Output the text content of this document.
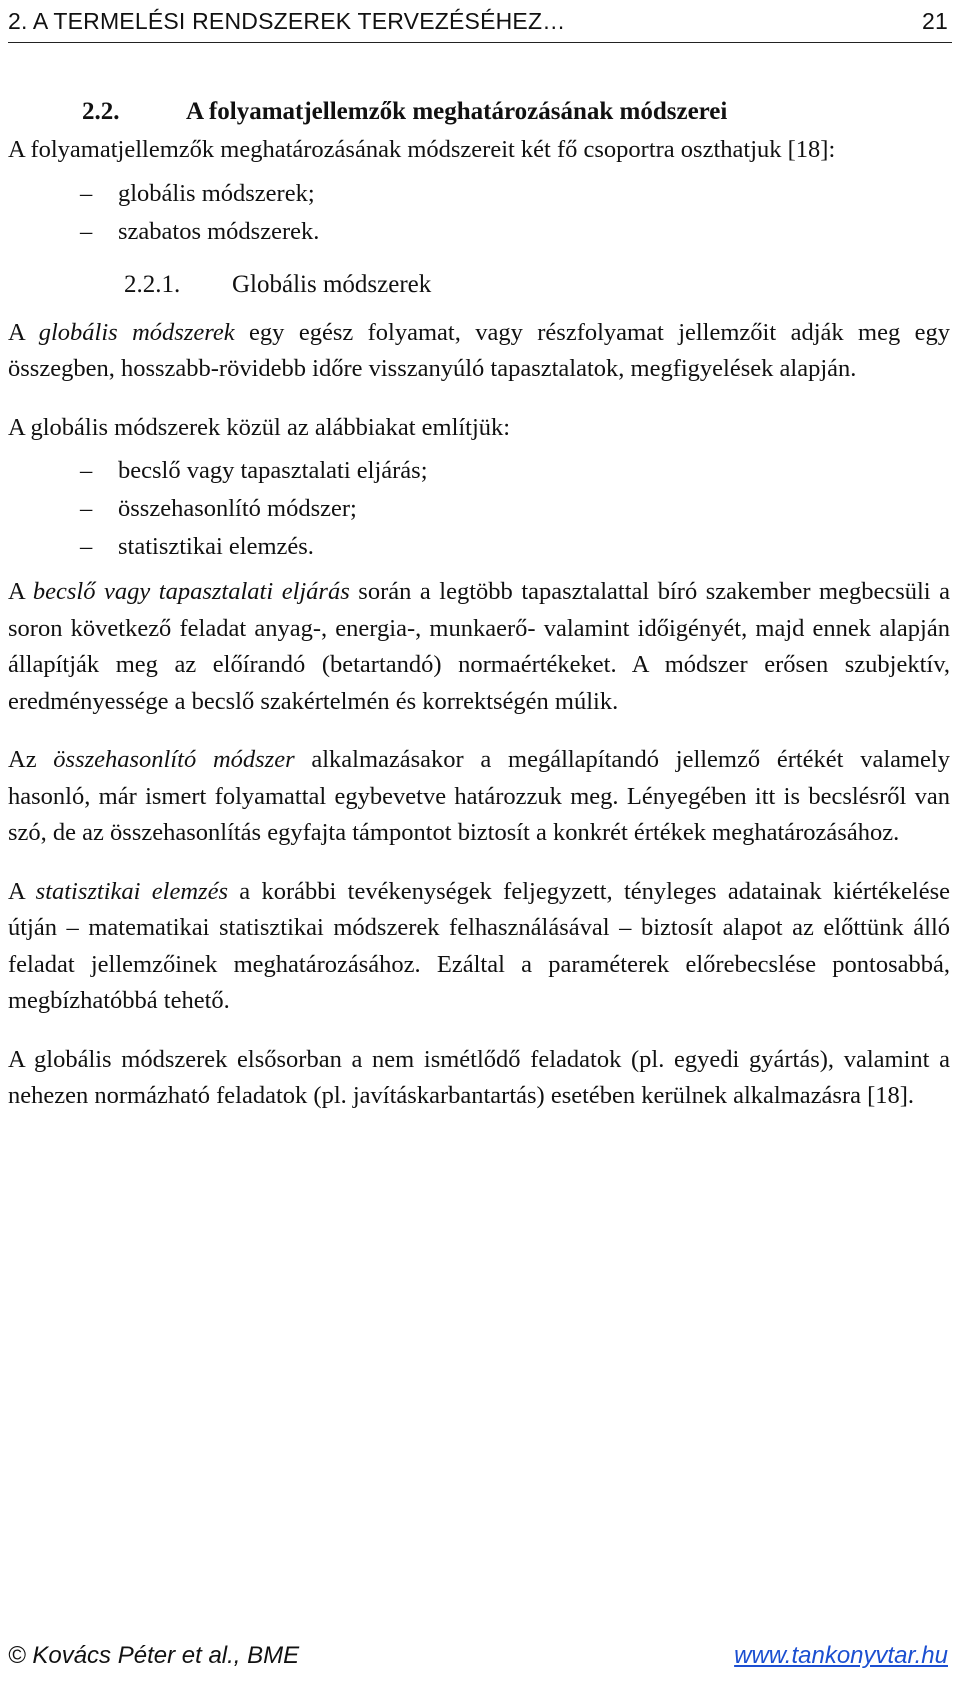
2. A TERMELÉSI RENDSZEREK TERVEZÉSÉHEZ…	21
2.2.	A folyamatjellemzők meghatározásának módszerei

A folyamatjellemzők meghatározásának módszereit két fő csoportra oszthatjuk [18]:

– globális módszerek;
– szabatos módszerek.
2.2.1. Globális módszerek

A globális módszerek egy egész folyamat, vagy részfolyamat jellemzőit adják meg egy összegben, hosszabb-rövidebb időre visszanyúló tapasztalatok, megfigyelések alapján.

A globális módszerek közül az alábbiakat említjük:

– becslő vagy tapasztalati eljárás;
– összehasonlító módszer;
– statisztikai elemzés.

A becslő vagy tapasztalati eljárás során a legtöbb tapasztalattal bíró szakember megbecsüli a soron következő feladat anyag-, energia-, munkaerő- valamint időigényét, majd ennek alapján állapítják meg az előírandó (betartandó) normaértékeket. A módszer erősen szubjektív, eredményessége a becslő szakértelmén és korrektségén múlik.

Az összehasonlító módszer alkalmazásakor a megállapítandó jellemző értékét valamely hasonló, már ismert folyamattal egybevetve határozzuk meg. Lényegében itt is becslésről van szó, de az összehasonlítás egyfajta támpontot biztosít a konkrét értékek meghatározásához.

A statisztikai elemzés a korábbi tevékenységek feljegyzett, tényleges adatainak kiértékelése útján – matematikai statisztikai módszerek felhasználásával – biztosít alapot az előttünk álló feladat jellemzőinek meghatározásához. Ezáltal a paraméterek előrebecslése pontosabbá, megbízhatóbbá tehető.

A globális módszerek elsősorban a nem ismétlődő feladatok (pl. egyedi gyártás), valamint a nehezen normázható feladatok (pl. javításkarbantartás) esetében kerülnek alkalmazásra [18].

© Kovács Péter et al., BME	www.tankonyvtar.hu
